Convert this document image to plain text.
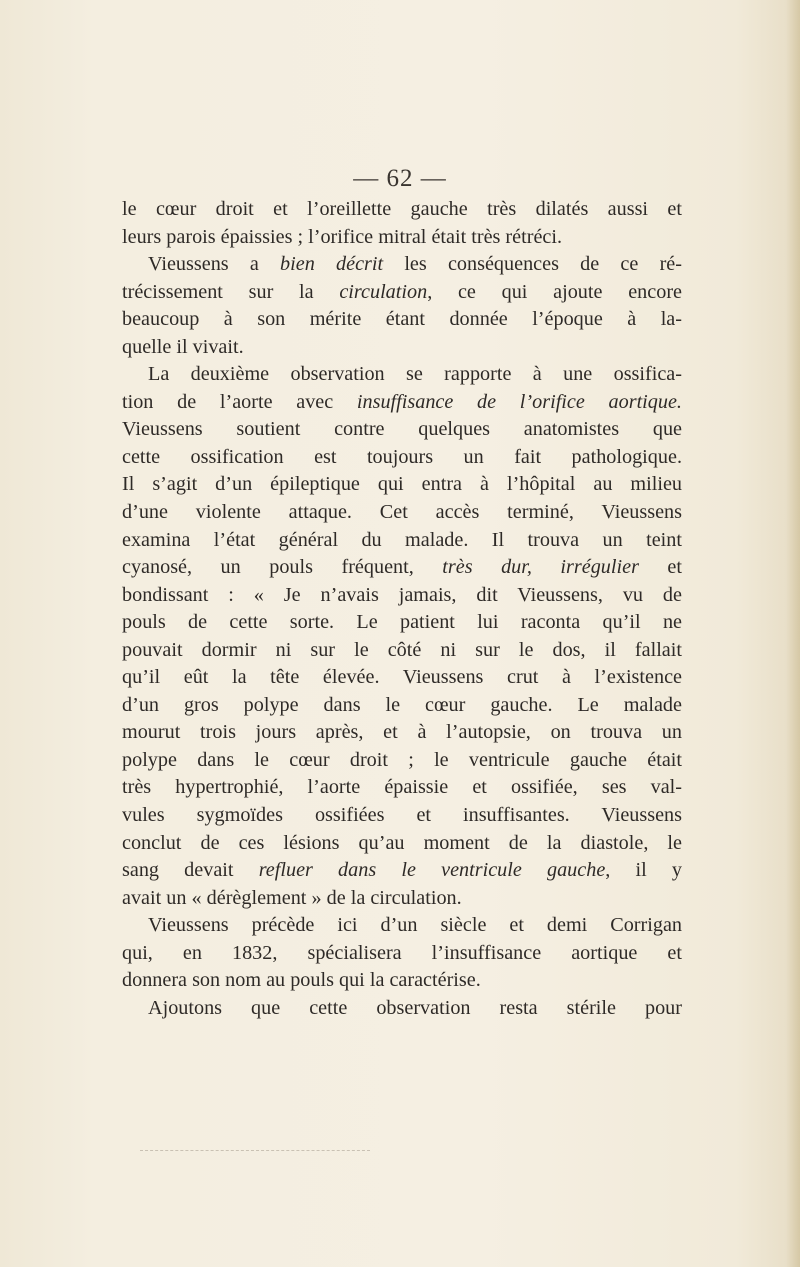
— 62 —

le cœur droit et l’oreillette gauche très dilatés aussi et
leurs parois épaissies ; l’orifice mitral était très rétréci.

Vieussens a bien décrit les conséquences de ce ré-
trécissement sur la circulation, ce qui ajoute encore
beaucoup à son mérite étant donnée l’époque à la-
quelle il vivait.

La deuxième observation se rapporte à une ossifica-
tion de l’aorte avec insuffisance de l’orifice aortique.
Vieussens soutient contre quelques anatomistes que
cette ossification est toujours un fait pathologique.
Il s’agit d’un épileptique qui entra à l’hôpital au milieu
d’une violente attaque. Cet accès terminé, Vieussens
examina l’état général du malade. Il trouva un teint
cyanosé, un pouls fréquent, très dur, irrégulier et
bondissant : « Je n’avais jamais, dit Vieussens, vu de
pouls de cette sorte. Le patient lui raconta qu’il ne
pouvait dormir ni sur le côté ni sur le dos, il fallait
qu’il eût la tête élevée. Vieussens crut à l’existence
d’un gros polype dans le cœur gauche. Le malade
mourut trois jours après, et à l’autopsie, on trouva un
polype dans le cœur droit ; le ventricule gauche était
très hypertrophié, l’aorte épaissie et ossifiée, ses val-
vules sygmoïdes ossifiées et insuffisantes. Vieussens
conclut de ces lésions qu’au moment de la diastole, le
sang devait refluer dans le ventricule gauche, il y
avait un « dérèglement » de la circulation.

Vieussens précède ici d’un siècle et demi Corrigan
qui, en 1832, spécialisera l’insuffisance aortique et
donnera son nom au pouls qui la caractérise.

Ajoutons que cette observation resta stérile pour
